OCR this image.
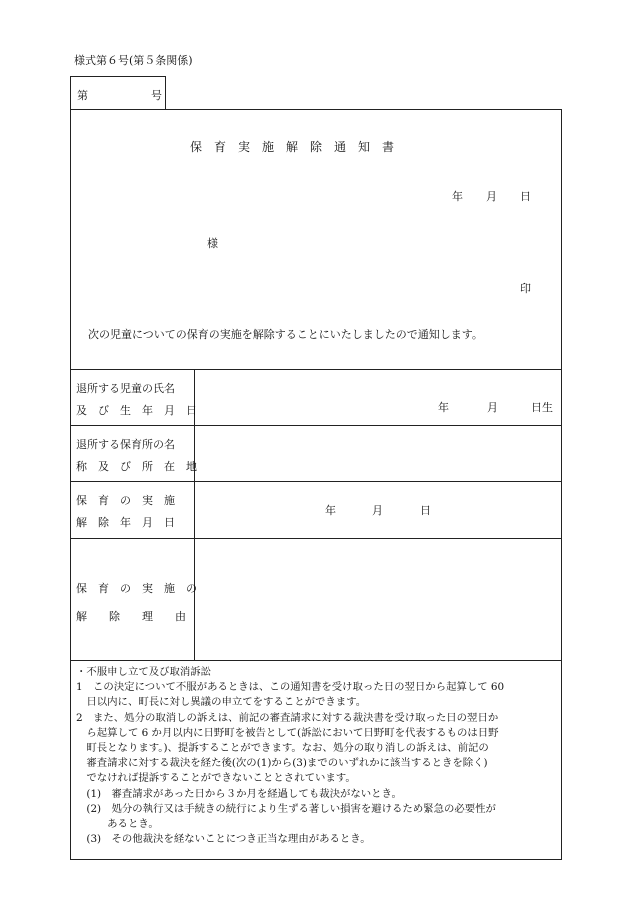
様式第６号(第５条関係)
第	号
保　育　実　施　解　除　通　知　書
年 月 日
様
印
次の児童についての保育の実施を解除することにいたしましたので通知します。
退所する児童の氏名
及　び　生　年　月　日	年	月	日生
退所する保育所の名
称　及　び　所　在　地
保　育　の　実　施
解　除　年　月　日
年	月	日
保　育　の　実　施　の
解　　除　　理　　由
・不服申し立て及び取消訴訟
1　この決定について不服があるときは、この通知書を受け取った日の翌日から起算して 60
　日以内に、町長に対し異議の申立てをすることができます。
2　また、処分の取消しの訴えは、前記の審査請求に対する裁決書を受け取った日の翌日か
　ら起算して 6 か月以内に日野町を被告として(訴訟において日野町を代表するものは日野
　町長となります。)、提訴することができます。なお、処分の取り消しの訴えは、前記の
　審査請求に対する裁決を経た後(次の(1)から(3)までのいずれかに該当するときを除く)
　でなければ提訴することができないこととされています。
　(1)　審査請求があった日から３か月を経過しても裁決がないとき。
　(2)　処分の執行又は手続きの続行により生ずる著しい損害を避けるため緊急の必要性が
　　　あるとき。
　(3)　その他裁決を経ないことにつき正当な理由があるとき。
